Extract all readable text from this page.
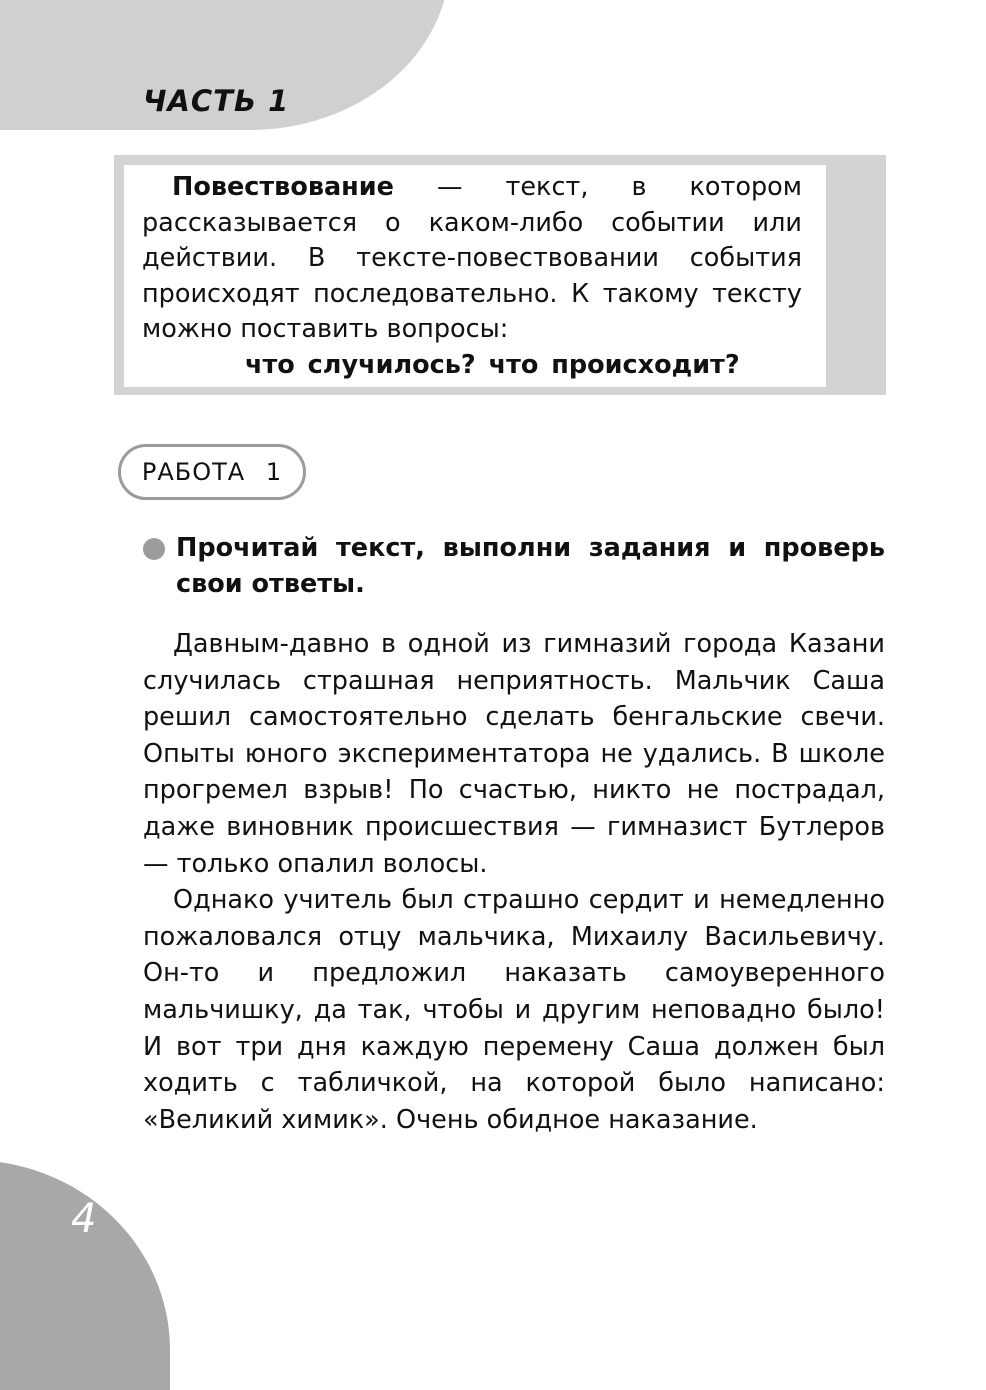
ЧАСТЬ 1

Повествование — текст, в котором рассказывается о каком-либо событии или действии. В тексте-повествовании события происходят последовательно. К такому тексту можно поставить вопросы:

что случилось? что происходит?

РАБОТА 1

Прочитай текст, выполни задания и проверь свои ответы.

Давным-давно в одной из гимназий города Казани случилась страшная неприятность. Мальчик Саша решил самостоятельно сделать бенгальские свечи. Опыты юного экспериментатора не удались. В школе прогремел взрыв! По счастью, никто не пострадал, даже виновник происшествия — гимназист Бутлеров — только опалил волосы.

Однако учитель был страшно сердит и немедленно пожаловался отцу мальчика, Михаилу Васильевичу. Он-то и предложил наказать самоуверенного мальчишку, да так, чтобы и другим неповадно было! И вот три дня каждую перемену Саша должен был ходить с табличкой, на которой было написано: «Великий химик». Очень обидное наказание.

4
